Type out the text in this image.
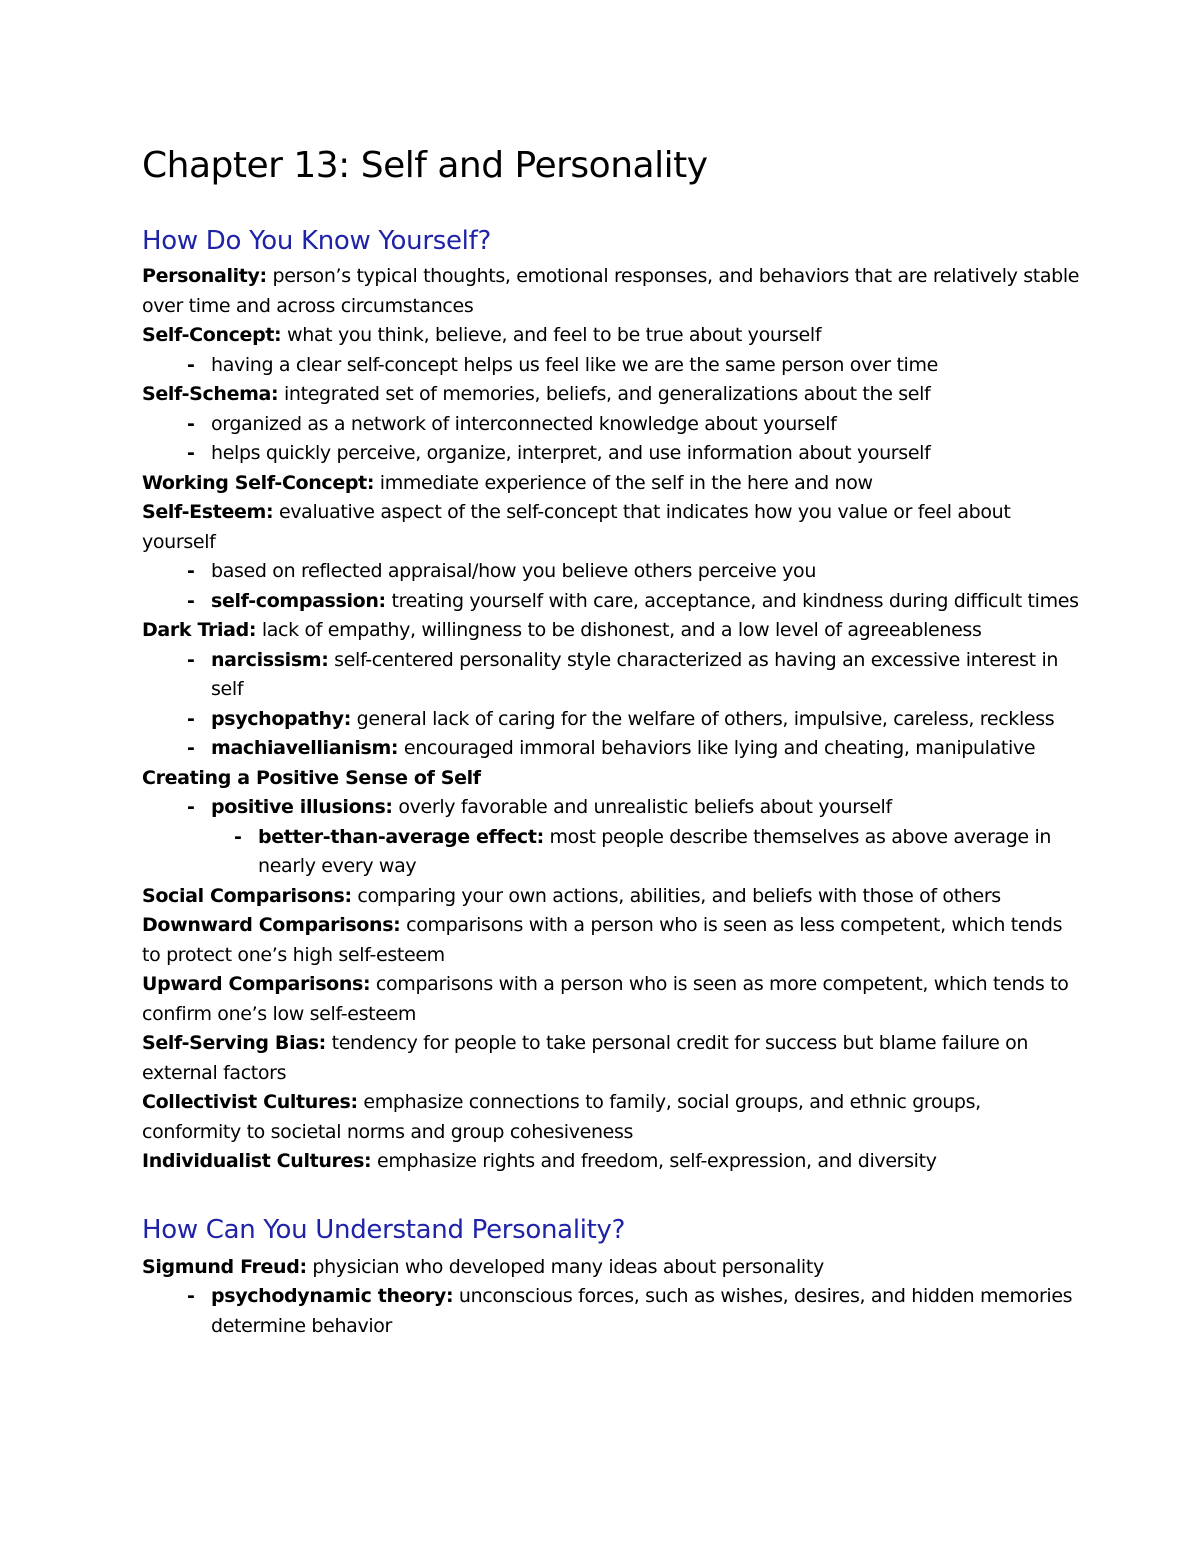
Chapter 13: Self and Personality
How Do You Know Yourself?

Personality: person’s typical thoughts, emotional responses, and behaviors that are relatively stable over time and across circumstances

Self-Concept: what you think, believe, and feel to be true about yourself

- having a clear self-concept helps us feel like we are the same person over time

Self-Schema: integrated set of memories, beliefs, and generalizations about the self

- organized as a network of interconnected knowledge about yourself

- helps quickly perceive, organize, interpret, and use information about yourself

Working Self-Concept: immediate experience of the self in the here and now

Self-Esteem: evaluative aspect of the self-concept that indicates how you value or feel about yourself

- based on reflected appraisal/how you believe others perceive you

- self-compassion: treating yourself with care, acceptance, and kindness during difficult times

Dark Triad: lack of empathy, willingness to be dishonest, and a low level of agreeableness

- narcissism: self-centered personality style characterized as having an excessive interest in self

- psychopathy: general lack of caring for the welfare of others, impulsive, careless, reckless

- machiavellianism: encouraged immoral behaviors like lying and cheating, manipulative

Creating a Positive Sense of Self

- positive illusions: overly favorable and unrealistic beliefs about yourself

- better-than-average effect: most people describe themselves as above average in nearly every way

Social Comparisons: comparing your own actions, abilities, and beliefs with those of others

Downward Comparisons: comparisons with a person who is seen as less competent, which tends to protect one’s high self-esteem

Upward Comparisons: comparisons with a person who is seen as more competent, which tends to confirm one’s low self-esteem

Self-Serving Bias: tendency for people to take personal credit for success but blame failure on external factors

Collectivist Cultures: emphasize connections to family, social groups, and ethnic groups, conformity to societal norms and group cohesiveness

Individualist Cultures: emphasize rights and freedom, self-expression, and diversity

How Can You Understand Personality?

Sigmund Freud: physician who developed many ideas about personality

- psychodynamic theory: unconscious forces, such as wishes, desires, and hidden memories determine behavior
